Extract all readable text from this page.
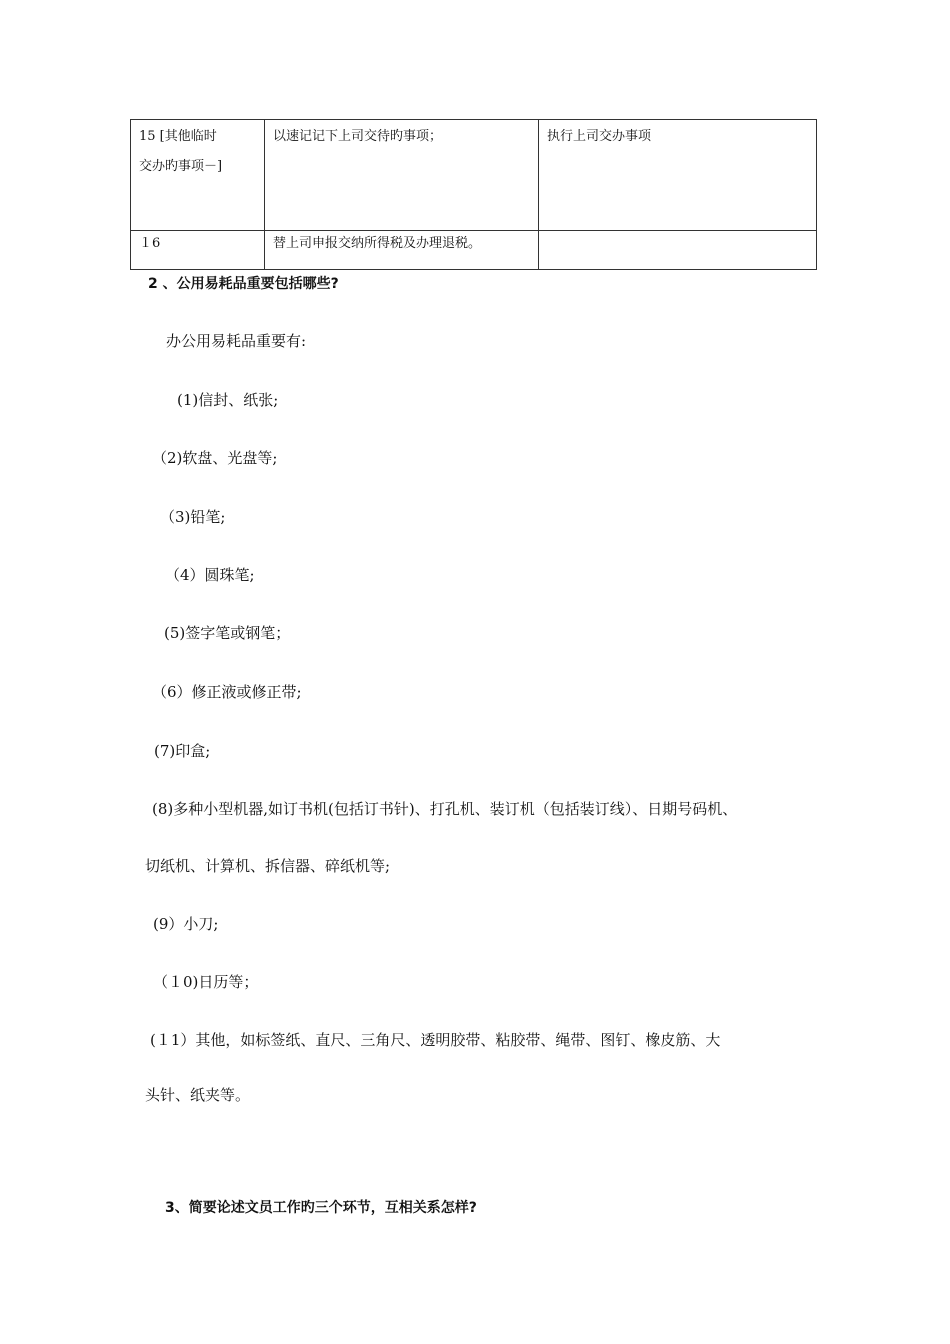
15 [其他临时
交办旳事项－]	以速记记下上司交待旳事项；	执行上司交办事项

１6	替上司申报交纳所得税及办理退税。	
2 、公用易耗品重要包括哪些?
办公用易耗品重要有:
(1)信封、纸张;
（2)软盘、光盘等;
（3)铅笔;
（4）圆珠笔;
(5)签字笔或钢笔；
（6）修正液或修正带;
(7)印盒;
(8)多种小型机器,如订书机(包括订书针)、打孔机、装订机（包括装订线）、日期号码机、
切纸机、计算机、拆信器、碎纸机等;
(9）小刀;
（１0)日历等；
(１1）其他，如标签纸、直尺、三角尺、透明胶带、粘胶带、绳带、图钉、橡皮筋、大
头针、纸夹等。
3、简要论述文员工作旳三个环节，互相关系怎样?
